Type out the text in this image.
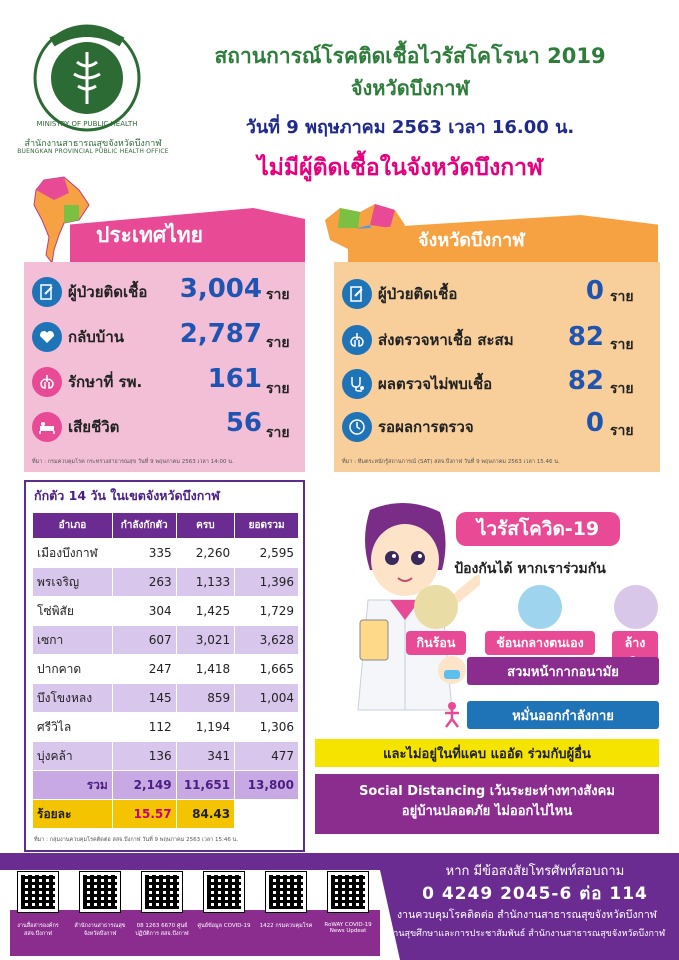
MINISTRY OF PUBLIC HEALTH
สำนักงานสาธารณสุขจังหวัดบึงกาฬ
BUENGKAN PROVINCIAL PUBLIC HEALTH OFFICE
สถานการณ์โรคติดเชื้อไวรัสโคโรนา 2019
จังหวัดบึงกาฬ
วันที่ 9 พฤษภาคม 2563 เวลา 16.00 น.
ไม่มีผู้ติดเชื้อในจังหวัดบึงกาฬ
ประเทศไทย
ผู้ป่วยติดเชื้อ	3,004 ราย
กลับบ้าน	2,787 ราย
รักษาที่ รพ.	161 ราย
เสียชีวิต	56 ราย
ที่มา : กรมควบคุมโรค กระทรวงสาธารณสุข วันที่ 9 พฤษภาคม 2563 เวลา 14:00 น.
จังหวัดบึงกาฬ
ผู้ป่วยติดเชื้อ	0 ราย
ส่งตรวจหาเชื้อ สะสม	82 ราย
ผลตรวจไม่พบเชื้อ	82 ราย
รอผลการตรวจ	0 ราย
ที่มา : ทีมตระหนักรู้สถานการณ์ (SAT) สสจ.บึงกาฬ วันที่ 9 พฤษภาคม 2563 เวลา 15.46 น.
กักตัว 14 วัน ในเขตจังหวัดบึงกาฬ
อำเภอ	กำลังกักตัว	ครบ	ยอดรวม
เมืองบึงกาฬ	335	2,260	2,595
พรเจริญ	263	1,133	1,396
โซ่พิสัย	304	1,425	1,729
เซกา	607	3,021	3,628
ปากคาด	247	1,418	1,665
บึงโขงหลง	145	859	1,004
ศรีวิไล	112	1,194	1,306
บุ่งคล้า	136	341	477
รวม	2,149	11,651	13,800
ร้อยละ	15.57	84.43	
ที่มา : กลุ่มงานควบคุมโรคติดต่อ สสจ.บึงกาฬ วันที่ 9 พฤษภาคม 2563 เวลา 15:46 น.
ไวรัสโควิด-19
ป้องกันได้ หากเราร่วมกัน
กินร้อน	ช้อนกลางตนเอง	ล้าง
สวมหน้ากากอนามัย
หมั่นออกกำลังกาย
และไม่อยู่ในที่แคบ แออัด ร่วมกับผู้อื่น
Social Distancing เว้นระยะห่างทางสังคม
อยู่บ้านปลอดภัย ไม่ออกไปไหน
งานสื่อสารองค์กร สสจ.บึงกาฬ
สำนักงานสาธารณสุขจังหวัดบึงกาฬ
08 1263 6670 ศูนย์ปฏิบัติการ สสจ.บึงกาฬ
ศูนย์ข้อมูล COVID-19	1422 กรมควบคุมโรค	RoWAY COVID-19 News Updeat
หาก มีข้อสงสัยโทรศัพท์สอบถาม
0 4249 2045-6 ต่อ 114
งานควบคุมโรคติดต่อ สำนักงานสาธารณสุขจังหวัดบึงกาฬ
งานสุขศึกษาและการประชาสัมพันธ์ สำนักงานสาธารณสุขจังหวัดบึงกาฬ
